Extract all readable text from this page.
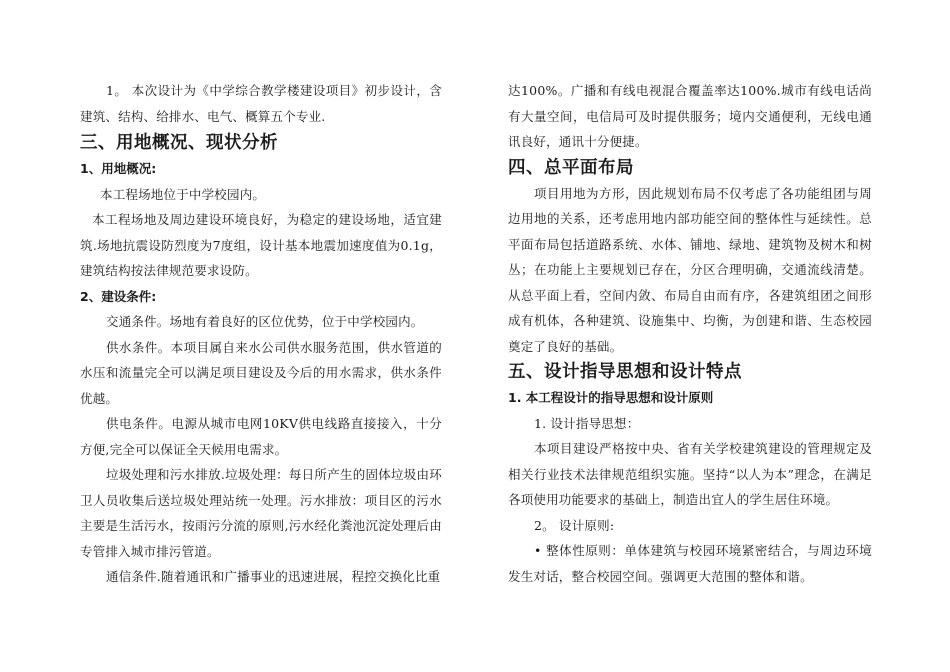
1。 本次设计为《中学综合教学楼建设项目》初步设计，含建筑、结构、给排水、电气、概算五个专业.

三、用地概况、现状分析
1、用地概况:

本工程场地位于中学校园内。

本工程场地及周边建设环境良好，为稳定的建设场地，适宜建筑.场地抗震设防烈度为7度组，设计基本地震加速度值为0.1g，建筑结构按法律规范要求设防。

2、建设条件:

交通条件。场地有着良好的区位优势，位于中学校园内。

供水条件。本项目属自来水公司供水服务范围，供水管道的水压和流量完全可以满足项目建设及今后的用水需求，供水条件优越。

供电条件。电源从城市电网10KV供电线路直接接入，十分方便,完全可以保证全天候用电需求。

垃圾处理和污水排放.垃圾处理：每日所产生的固体垃圾由环卫人员收集后送垃圾处理站统一处理。污水排放：项目区的污水主要是生活污水，按雨污分流的原则,污水经化粪池沉淀处理后由专管排入城市排污管道。

通信条件.随着通讯和广播事业的迅速进展，程控交换化比重

达100%。广播和有线电视混合覆盖率达100%.城市有线电话尚有大量空间，电信局可及时提供服务；境内交通便利，无线电通讯良好，通讯十分便捷。

四、总平面布局

项目用地为方形，因此规划布局不仅考虑了各功能组团与周边用地的关系，还考虑用地内部功能空间的整体性与延续性。总平面布局包括道路系统、水体、铺地、绿地、建筑物及树木和树丛；在功能上主要规划已存在，分区合理明确，交通流线清楚。从总平面上看，空间内敛、布局自由而有序，各建筑组团之间形成有机体，各种建筑、设施集中、均衡，为创建和谐、生态校园奠定了良好的基础。

五、设计指导思想和设计特点
1. 本工程设计的指导思想和设计原则

1. 设计指导思想：

本项目建设严格按中央、省有关学校建筑建设的管理规定及相关行业技术法律规范组织实施。坚持“以人为本”理念，在满足各项使用功能要求的基础上，制造出宜人的学生居住环境。

2。 设计原则:

• 整体性原则：单体建筑与校园环境紧密结合，与周边环境发生对话，整合校园空间。强调更大范围的整体和谐。
